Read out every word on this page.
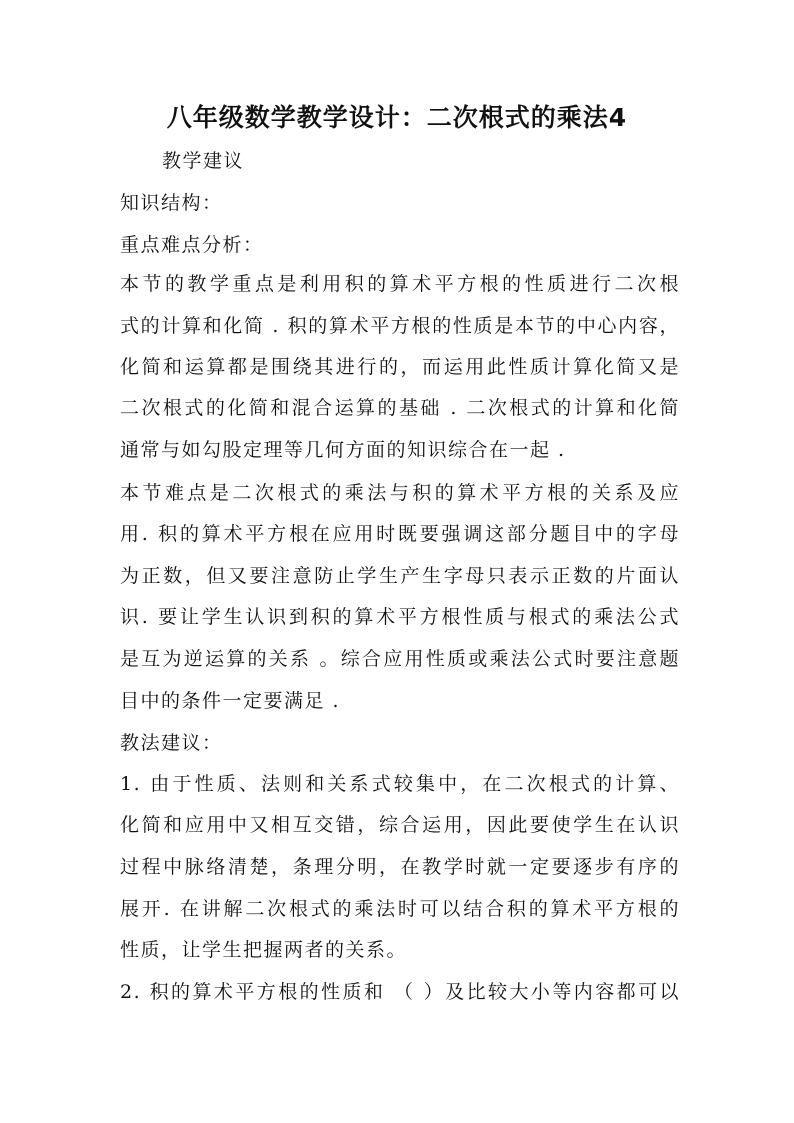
八年级数学教学设计：二次根式的乘法4
教学建议
知识结构：
重点难点分析：
本节的教学重点是利用积的算术平方根的性质进行二次根
式的计算和化简 . 积的算术平方根的性质是本节的中心内容，
化简和运算都是围绕其进行的，而运用此性质计算化简又是
二次根式的化简和混合运算的基础 . 二次根式的计算和化简
通常与如勾股定理等几何方面的知识综合在一起 .
本节难点是二次根式的乘法与积的算术平方根的关系及应
用. 积的算术平方根在应用时既要强调这部分题目中的字母
为正数，但又要注意防止学生产生字母只表示正数的片面认
识. 要让学生认识到积的算术平方根性质与根式的乘法公式
是互为逆运算的关系 。综合应用性质或乘法公式时要注意题
目中的条件一定要满足 .
教法建议：
1. 由于性质、法则和关系式较集中，在二次根式的计算、
化简和应用中又相互交错，综合运用，因此要使学生在认识
过程中脉络清楚，条理分明，在教学时就一定要逐步有序的
展开. 在讲解二次根式的乘法时可以结合积的算术平方根的
性质，让学生把握两者的关系。
2. 积的算术平方根的性质和 （ ）及比较大小等内容都可以
